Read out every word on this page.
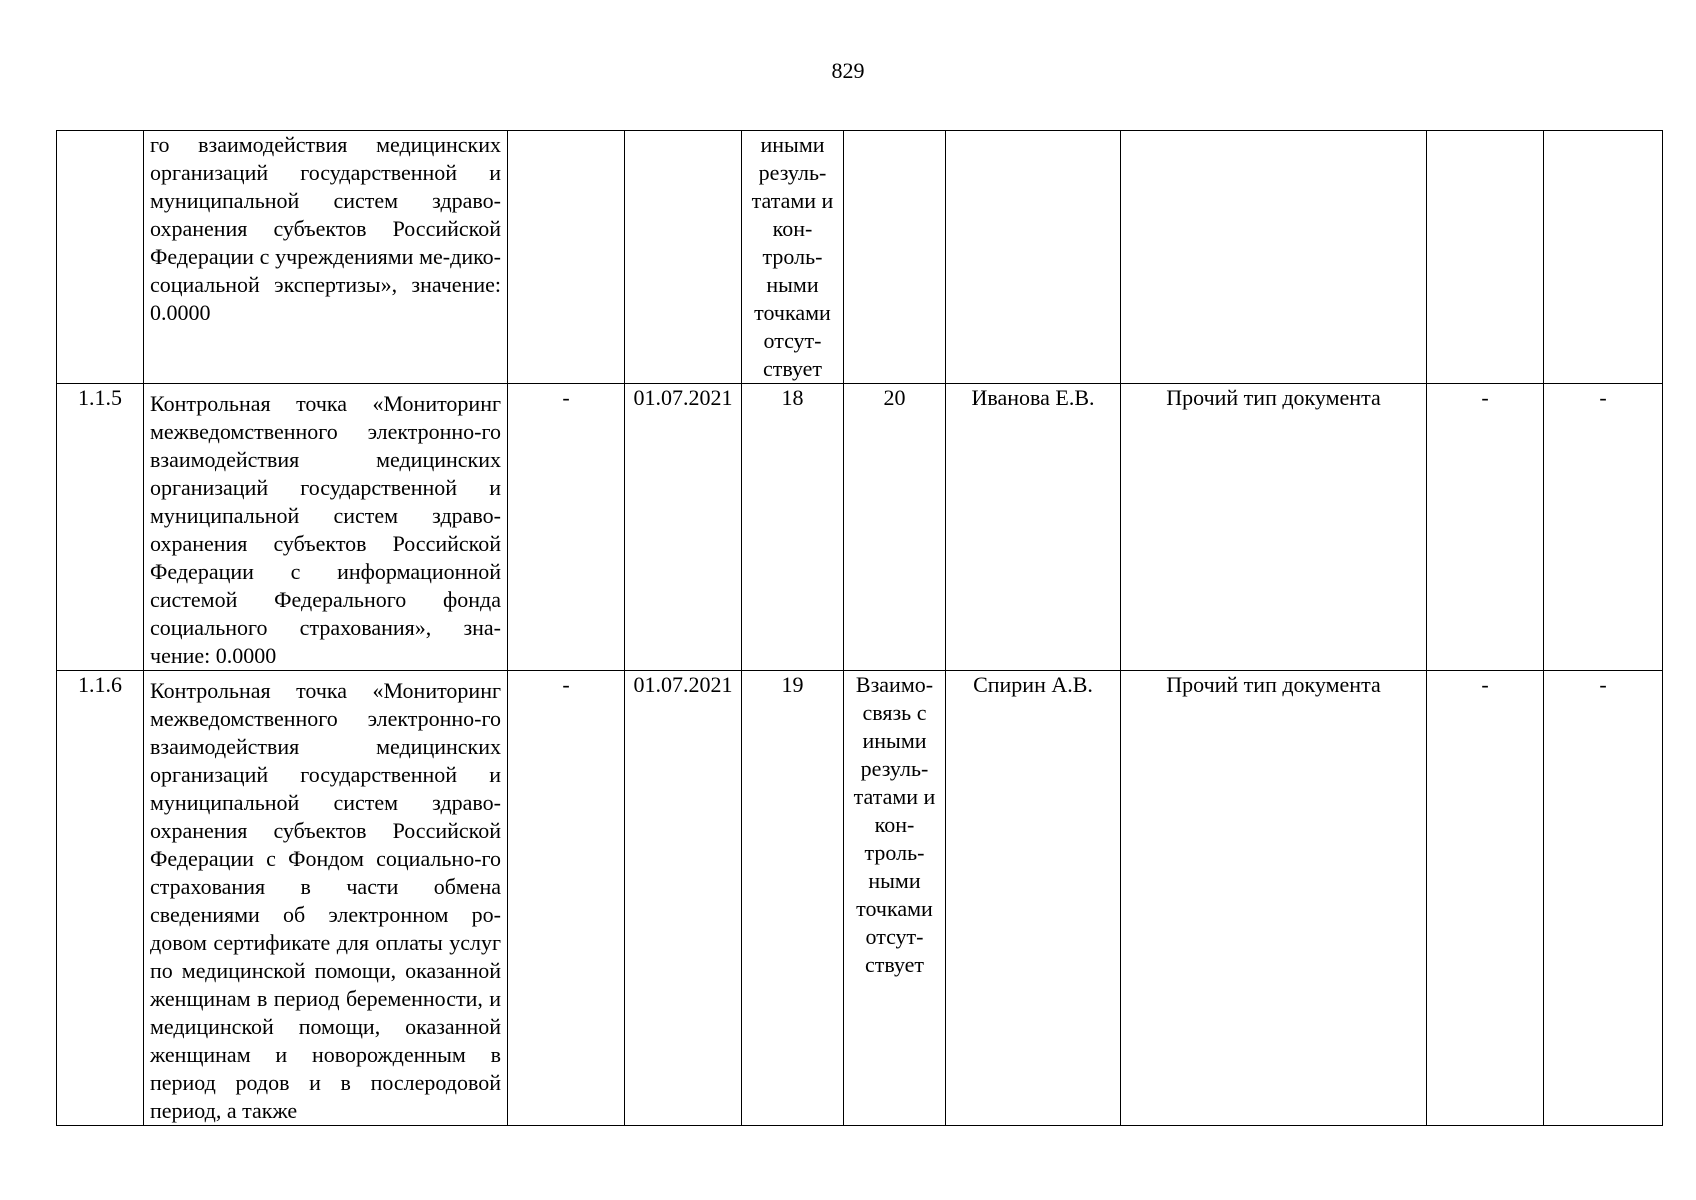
829

	го взаимодействия медицинских организаций государственной и муниципальной систем здраво-охранения субъектов Российской Федерации с учреждениями ме-дико-социальной экспертизы», значение: 0.0000			иными резуль-татами и кон-троль-ными точками отсут-ствует					
1.1.5	Контрольная точка «Мониторинг межведомственного электронно-го взаимодействия медицинских организаций государственной и муниципальной систем здраво-охранения субъектов Российской Федерации с информационной системой Федерального фонда социального страхования», зна-чение: 0.0000	-	01.07.2021	18	20	Иванова Е.В.	Прочий тип документа	-	-
1.1.6	Контрольная точка «Мониторинг межведомственного электронно-го взаимодействия медицинских организаций государственной и муниципальной систем здраво-охранения субъектов Российской Федерации с Фондом социально-го страхования в части обмена сведениями об электронном ро-довом сертификате для оплаты услуг по медицинской помощи, оказанной женщинам в период беременности, и медицинской помощи, оказанной женщинам и новорожденным в период родов и в послеродовой период, а также	-	01.07.2021	19	Взаимо-связь с иными резуль-татами и кон-троль-ными точками отсут-ствует	Спирин А.В.	Прочий тип документа	-	-
